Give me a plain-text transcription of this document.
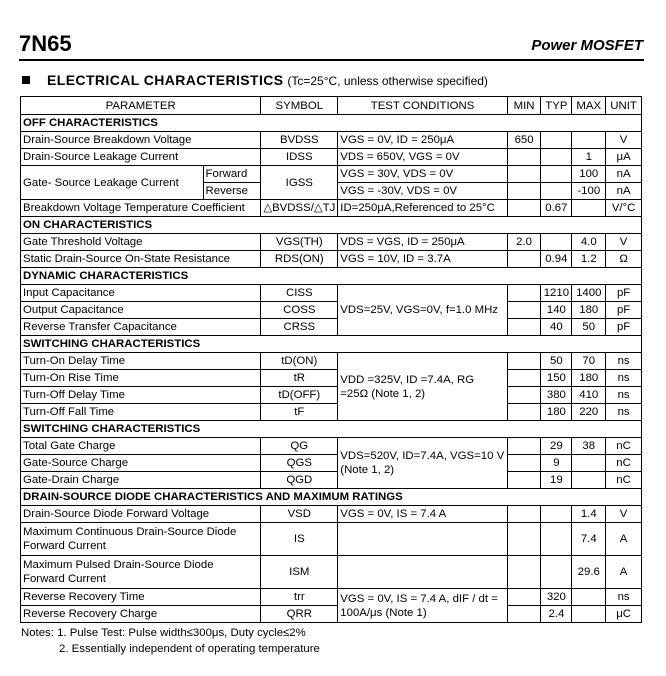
7N65	Power MOSFET
ELECTRICAL CHARACTERISTICS (Tc=25°C, unless otherwise specified)
PARAMETER		SYMBOL	TEST CONDITIONS	MIN	TYP	MAX	UNIT
OFF CHARACTERISTICS							
Drain-Source Breakdown Voltage		BVDSS	VGS = 0V, ID = 250μA	650			V
Drain-Source Leakage Current		IDSS	VDS = 650V, VGS = 0V			1	μA
Gate- Source Leakage Current	Forward	IGSS	VGS = 30V, VDS = 0V			100	nA
	Reverse		VGS = -30V, VDS = 0V			-100	nA
Breakdown Voltage Temperature Coefficient		△BVDSS/△TJ	ID=250μA,Referenced to 25°C		0.67		V/°C
ON CHARACTERISTICS							
Gate Threshold Voltage		VGS(TH)	VDS = VGS, ID = 250μA	2.0		4.0	V
Static Drain-Source On-State Resistance		RDS(ON)	VGS = 10V, ID = 3.7A		0.94	1.2	Ω
DYNAMIC CHARACTERISTICS							
Input Capacitance		CISS	VDS=25V, VGS=0V, f=1.0 MHz		1210	1400	pF
Output Capacitance		COSS			140	180	pF
Reverse Transfer Capacitance		CRSS			40	50	pF
SWITCHING CHARACTERISTICS							
Turn-On Delay Time		tD(ON)	VDD =325V, ID =7.4A, RG =25Ω (Note 1, 2)		50	70	ns
Turn-On Rise Time		tR			150	180	ns
Turn-Off Delay Time		tD(OFF)			380	410	ns
Turn-Off Fall Time		tF			180	220	ns
SWITCHING CHARACTERISTICS							
Total Gate Charge		QG	VDS=520V, ID=7.4A, VGS=10 V (Note 1, 2)		29	38	nC
Gate-Source Charge		QGS			9		nC
Gate-Drain Charge		QGD			19		nC
DRAIN-SOURCE DIODE CHARACTERISTICS AND MAXIMUM RATINGS							
Drain-Source Diode Forward Voltage		VSD	VGS = 0V, IS = 7.4 A			1.4	V
Maximum Continuous Drain-Source Diode Forward Current		IS				7.4	A
Maximum Pulsed Drain-Source Diode Forward Current		ISM				29.6	A
Reverse Recovery Time		trr	VGS = 0V, IS = 7.4 A, dIF / dt = 100A/μs (Note 1)		320		ns
Reverse Recovery Charge		QRR			2.4		μC
Notes: 1. Pulse Test: Pulse width≤300μs, Duty cycle≤2%
2. Essentially independent of operating temperature
